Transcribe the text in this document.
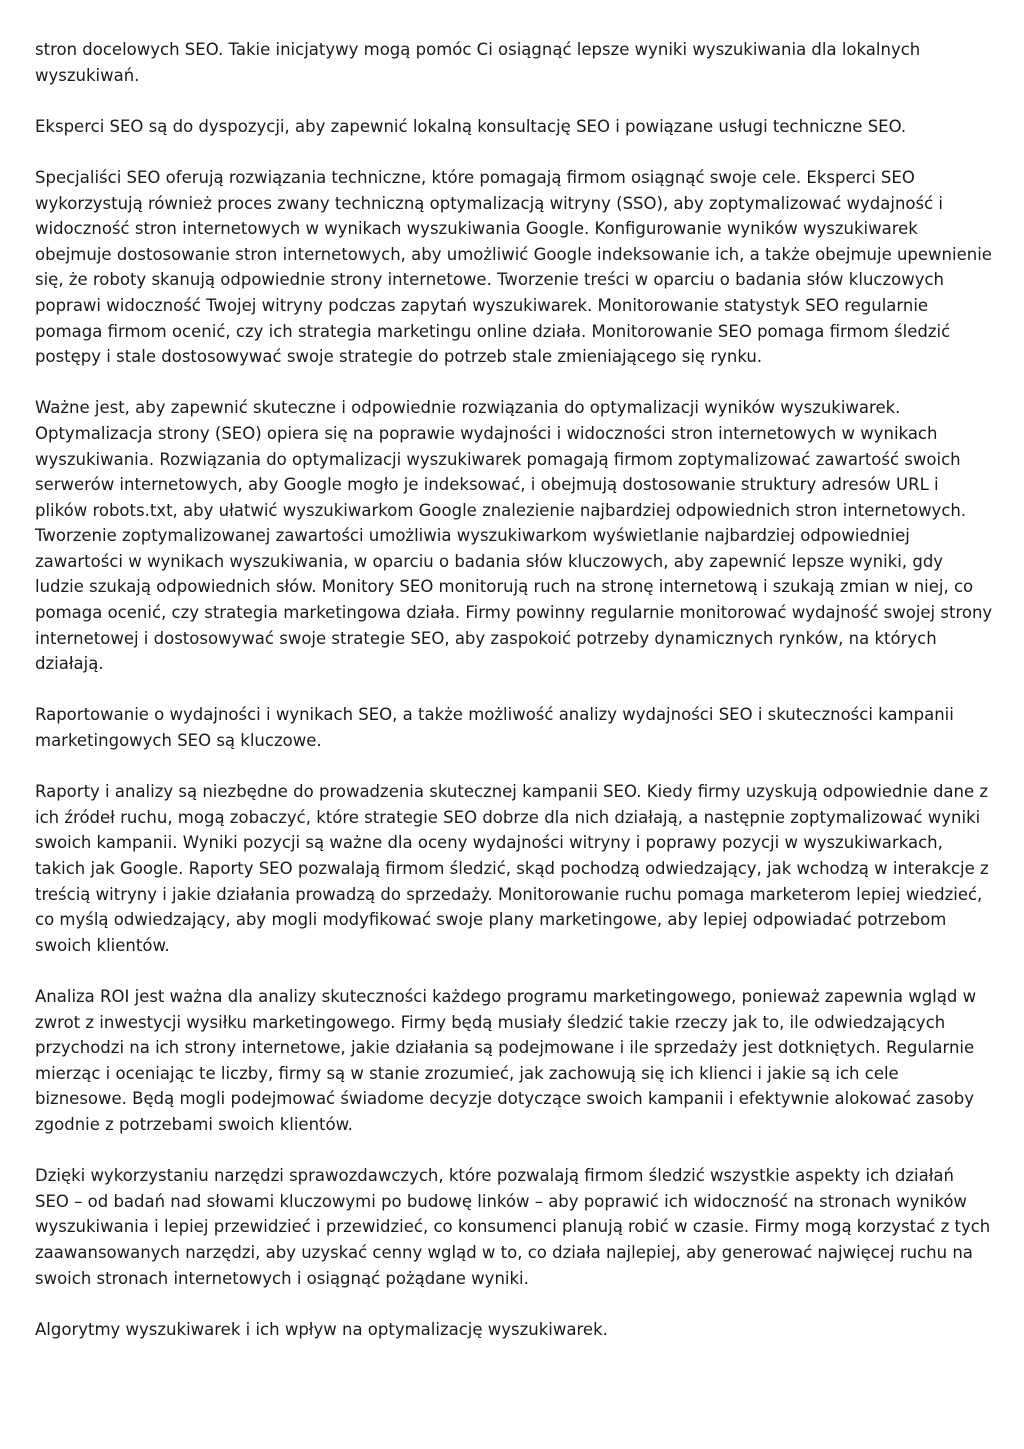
stron docelowych SEO. Takie inicjatywy mogą pomóc Ci osiągnąć lepsze wyniki wyszukiwania dla lokalnych wyszukiwań.

Eksperci SEO są do dyspozycji, aby zapewnić lokalną konsultację SEO i powiązane usługi techniczne SEO.

Specjaliści SEO oferują rozwiązania techniczne, które pomagają firmom osiągnąć swoje cele. Eksperci SEO wykorzystują również proces zwany techniczną optymalizacją witryny (SSO), aby zoptymalizować wydajność i widoczność stron internetowych w wynikach wyszukiwania Google. Konfigurowanie wyników wyszukiwarek obejmuje dostosowanie stron internetowych, aby umożliwić Google indeksowanie ich, a także obejmuje upewnienie się, że roboty skanują odpowiednie strony internetowe. Tworzenie treści w oparciu o badania słów kluczowych poprawi widoczność Twojej witryny podczas zapytań wyszukiwarek. Monitorowanie statystyk SEO regularnie pomaga firmom ocenić, czy ich strategia marketingu online działa. Monitorowanie SEO pomaga firmom śledzić postępy i stale dostosowywać swoje strategie do potrzeb stale zmieniającego się rynku.

Ważne jest, aby zapewnić skuteczne i odpowiednie rozwiązania do optymalizacji wyników wyszukiwarek. Optymalizacja strony (SEO) opiera się na poprawie wydajności i widoczności stron internetowych w wynikach wyszukiwania. Rozwiązania do optymalizacji wyszukiwarek pomagają firmom zoptymalizować zawartość swoich serwerów internetowych, aby Google mogło je indeksować, i obejmują dostosowanie struktury adresów URL i plików robots.txt, aby ułatwić wyszukiwarkom Google znalezienie najbardziej odpowiednich stron internetowych. Tworzenie zoptymalizowanej zawartości umożliwia wyszukiwarkom wyświetlanie najbardziej odpowiedniej zawartości w wynikach wyszukiwania, w oparciu o badania słów kluczowych, aby zapewnić lepsze wyniki, gdy ludzie szukają odpowiednich słów. Monitory SEO monitorują ruch na stronę internetową i szukają zmian w niej, co pomaga ocenić, czy strategia marketingowa działa. Firmy powinny regularnie monitorować wydajność swojej strony internetowej i dostosowywać swoje strategie SEO, aby zaspokoić potrzeby dynamicznych rynków, na których działają.

Raportowanie o wydajności i wynikach SEO, a także możliwość analizy wydajności SEO i skuteczności kampanii marketingowych SEO są kluczowe.

Raporty i analizy są niezbędne do prowadzenia skutecznej kampanii SEO. Kiedy firmy uzyskują odpowiednie dane z ich źródeł ruchu, mogą zobaczyć, które strategie SEO dobrze dla nich działają, a następnie zoptymalizować wyniki swoich kampanii. Wyniki pozycji są ważne dla oceny wydajności witryny i poprawy pozycji w wyszukiwarkach, takich jak Google. Raporty SEO pozwalają firmom śledzić, skąd pochodzą odwiedzający, jak wchodzą w interakcje z treścią witryny i jakie działania prowadzą do sprzedaży. Monitorowanie ruchu pomaga marketerom lepiej wiedzieć, co myślą odwiedzający, aby mogli modyfikować swoje plany marketingowe, aby lepiej odpowiadać potrzebom swoich klientów.

Analiza ROI jest ważna dla analizy skuteczności każdego programu marketingowego, ponieważ zapewnia wgląd w zwrot z inwestycji wysiłku marketingowego. Firmy będą musiały śledzić takie rzeczy jak to, ile odwiedzających przychodzi na ich strony internetowe, jakie działania są podejmowane i ile sprzedaży jest dotkniętych. Regularnie mierząc i oceniając te liczby, firmy są w stanie zrozumieć, jak zachowują się ich klienci i jakie są ich cele biznesowe. Będą mogli podejmować świadome decyzje dotyczące swoich kampanii i efektywnie alokować zasoby zgodnie z potrzebami swoich klientów.

Dzięki wykorzystaniu narzędzi sprawozdawczych, które pozwalają firmom śledzić wszystkie aspekty ich działań SEO – od badań nad słowami kluczowymi po budowę linków – aby poprawić ich widoczność na stronach wyników wyszukiwania i lepiej przewidzieć i przewidzieć, co konsumenci planują robić w czasie. Firmy mogą korzystać z tych zaawansowanych narzędzi, aby uzyskać cenny wgląd w to, co działa najlepiej, aby generować najwięcej ruchu na swoich stronach internetowych i osiągnąć pożądane wyniki.

Algorytmy wyszukiwarek i ich wpływ na optymalizację wyszukiwarek.
